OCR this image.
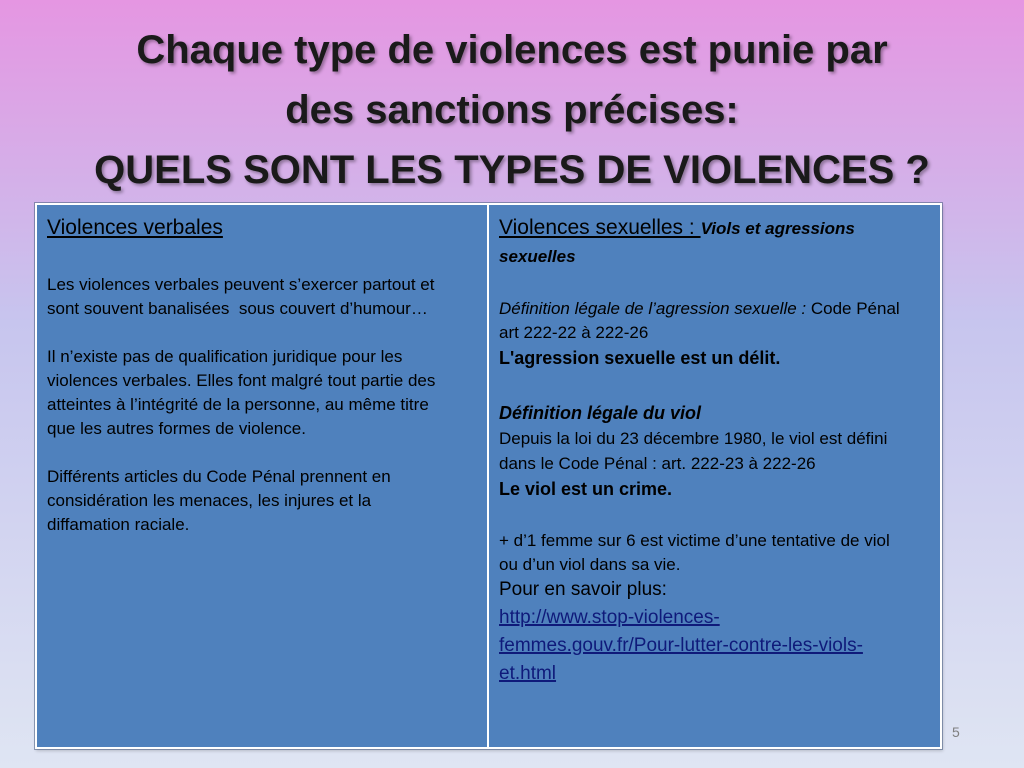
Chaque type de violences est punie par
des sanctions précises:
QUELS SONT LES TYPES DE VIOLENCES ?
Violences verbales
Les violences verbales peuvent s’exercer partout et
sont souvent banalisées  sous couvert d’humour…
Il n’existe pas de qualification juridique pour les
violences verbales. Elles font malgré tout partie des
atteintes à l’intégrité de la personne, au même titre
que les autres formes de violence.
Différents articles du Code Pénal prennent en
considération les menaces, les injures et la
diffamation raciale.
Violences sexuelles : Viols et agressions
sexuelles
Définition légale de l’agression sexuelle : Code Pénal
art 222-22 à 222-26
L'agression sexuelle est un délit.
Définition légale du viol
Depuis la loi du 23 décembre 1980, le viol est défini
dans le Code Pénal : art. 222-23 à 222-26
Le viol est un crime.
+ d’1 femme sur 6 est victime d’une tentative de viol
ou d’un viol dans sa vie.
Pour en savoir plus:
http://www.stop-violences-
femmes.gouv.fr/Pour-lutter-contre-les-viols-
et.html
5
